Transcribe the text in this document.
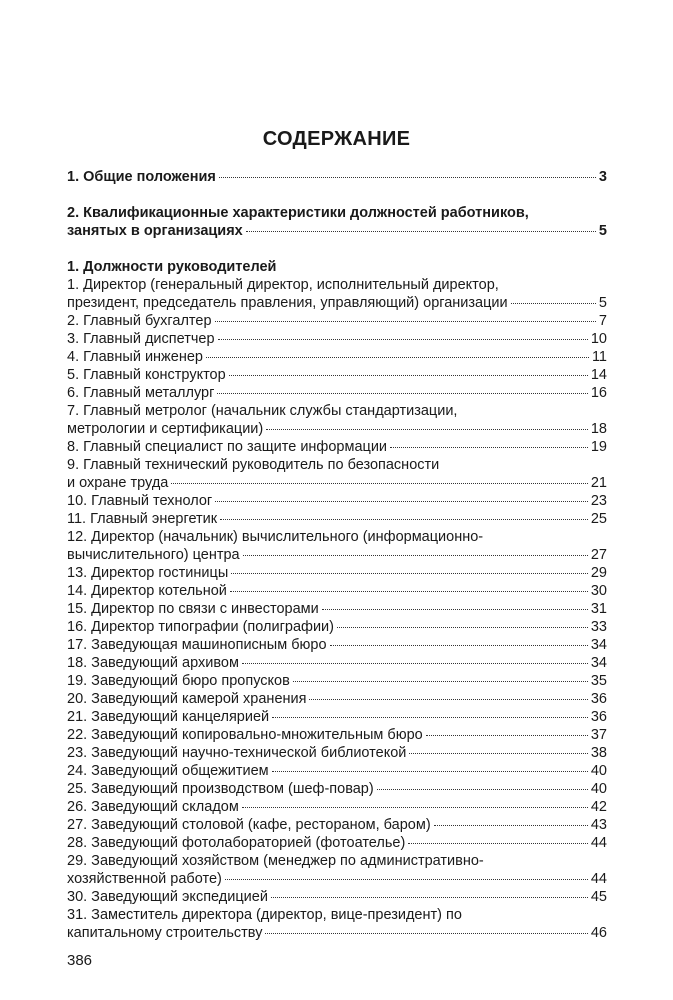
СОДЕРЖАНИЕ
1. Общие положения	3
2. Квалификационные характеристики должностей работников,
занятых в организациях	5
1. Должности руководителей
1. Директор (генеральный директор, исполнительный директор,
президент, председатель правления, управляющий) организации	5
2. Главный бухгалтер	7
3. Главный диспетчер	10
4. Главный инженер	11
5. Главный конструктор	14
6. Главный металлург	16
7. Главный метролог (начальник службы стандартизации,
метрологии и сертификации)	18
8. Главный специалист по защите информации	19
9. Главный технический руководитель по безопасности
и охране труда	21
10. Главный технолог	23
11. Главный энергетик	25
12. Директор (начальник) вычислительного (информационно-
вычислительного) центра	27
13. Директор гостиницы	29
14. Директор котельной	30
15. Директор по связи с инвесторами	31
16. Директор типографии (полиграфии)	33
17. Заведующая машинописным бюро	34
18. Заведующий архивом	34
19. Заведующий бюро пропусков	35
20. Заведующий камерой хранения	36
21. Заведующий канцелярией	36
22. Заведующий копировально-множительным бюро	37
23. Заведующий научно-технической библиотекой	38
24. Заведующий общежитием	40
25. Заведующий производством (шеф-повар)	40
26. Заведующий складом	42
27. Заведующий столовой (кафе, рестораном, баром)	43
28. Заведующий фотолабораторией (фотоателье)	44
29. Заведующий хозяйством (менеджер по административно-
хозяйственной работе)	44
30. Заведующий экспедицией	45
31. Заместитель директора (директор, вице-президент) по
капитальному строительству	46
386
